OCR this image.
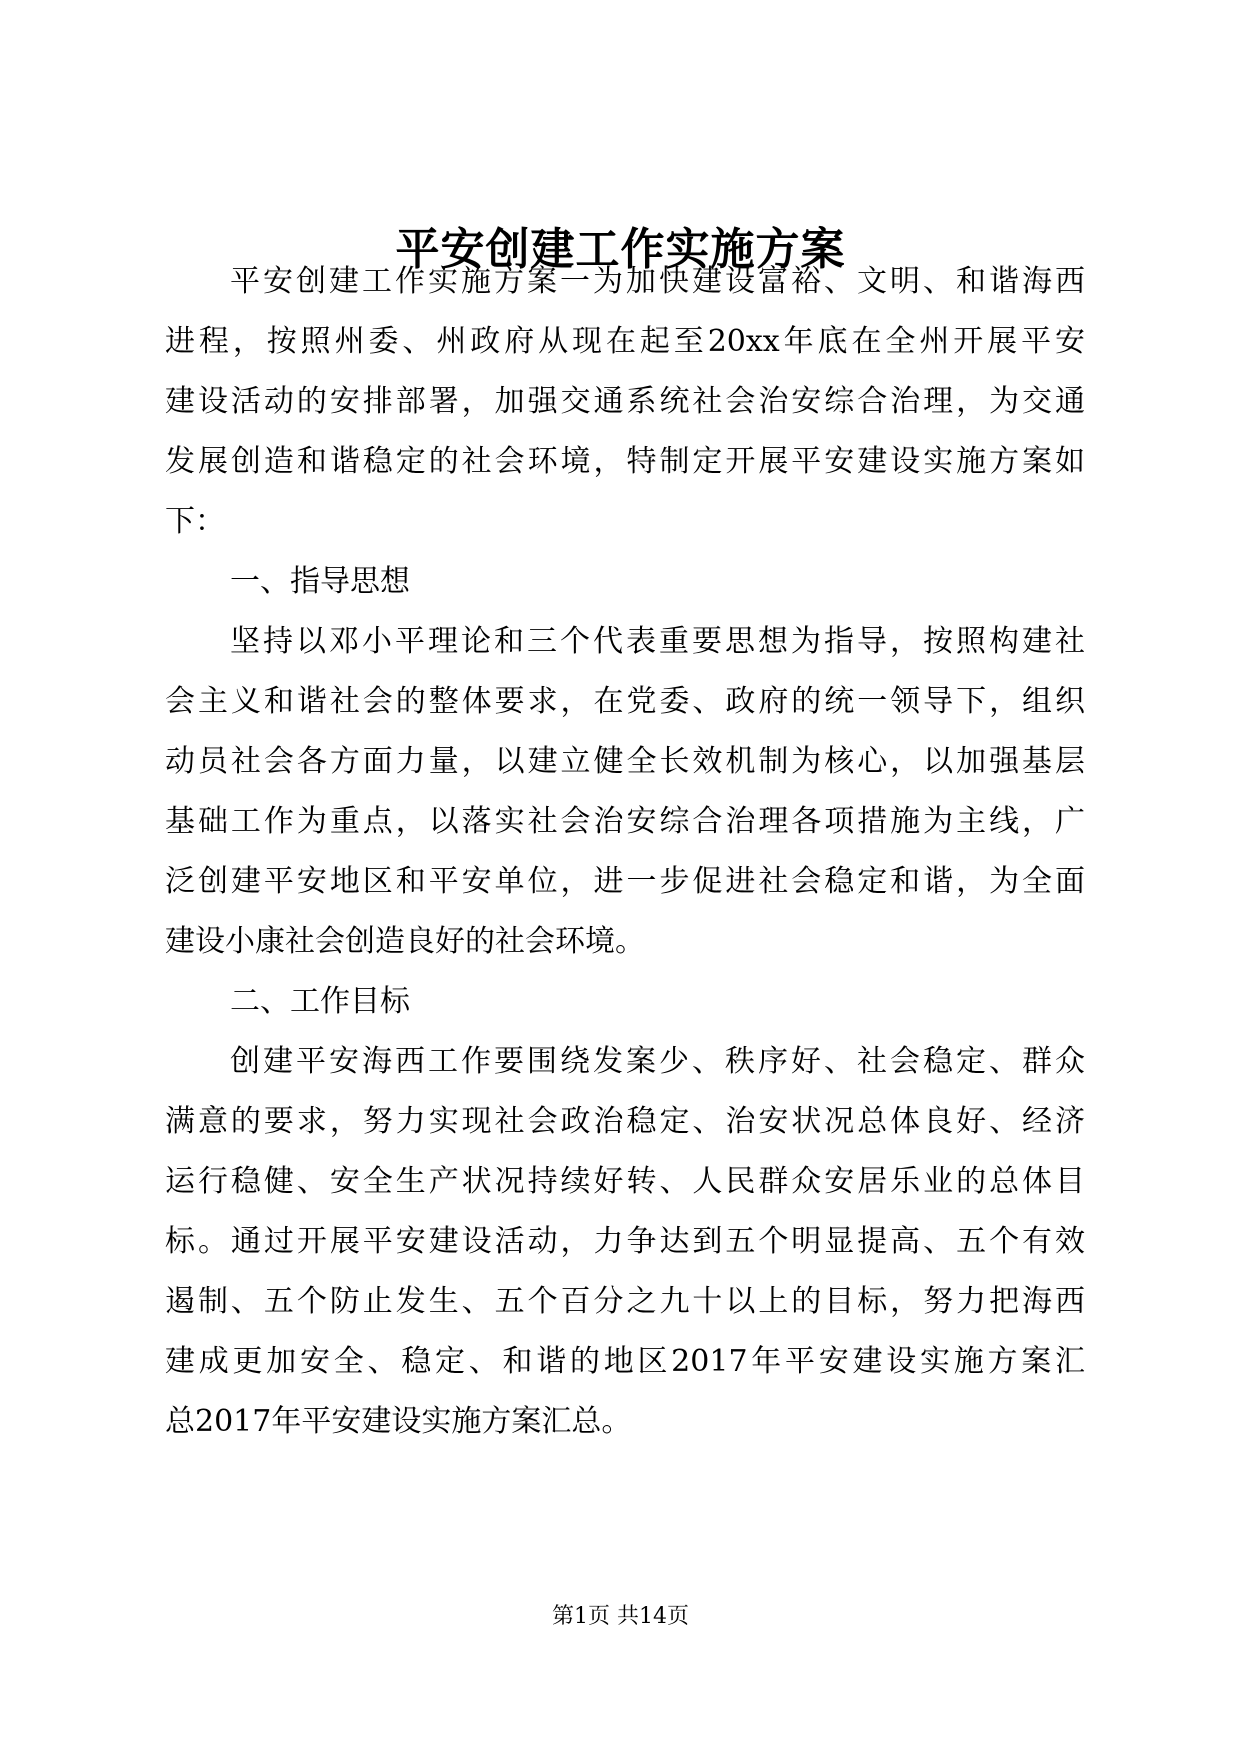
平安创建工作实施方案
平安创建工作实施方案一为加快建设富裕、文明、和谐海西
进程，按照州委、州政府从现在起至20xx年底在全州开展平安
建设活动的安排部署，加强交通系统社会治安综合治理，为交通
发展创造和谐稳定的社会环境，特制定开展平安建设实施方案如
下：
一、指导思想
坚持以邓小平理论和三个代表重要思想为指导，按照构建社
会主义和谐社会的整体要求，在党委、政府的统一领导下，组织
动员社会各方面力量，以建立健全长效机制为核心，以加强基层
基础工作为重点，以落实社会治安综合治理各项措施为主线，广
泛创建平安地区和平安单位，进一步促进社会稳定和谐，为全面
建设小康社会创造良好的社会环境。
二、工作目标
创建平安海西工作要围绕发案少、秩序好、社会稳定、群众
满意的要求，努力实现社会政治稳定、治安状况总体良好、经济
运行稳健、安全生产状况持续好转、人民群众安居乐业的总体目
标。通过开展平安建设活动，力争达到五个明显提高、五个有效
遏制、五个防止发生、五个百分之九十以上的目标，努力把海西
建成更加安全、稳定、和谐的地区2017年平安建设实施方案汇
总2017年平安建设实施方案汇总。
第1页 共14页
